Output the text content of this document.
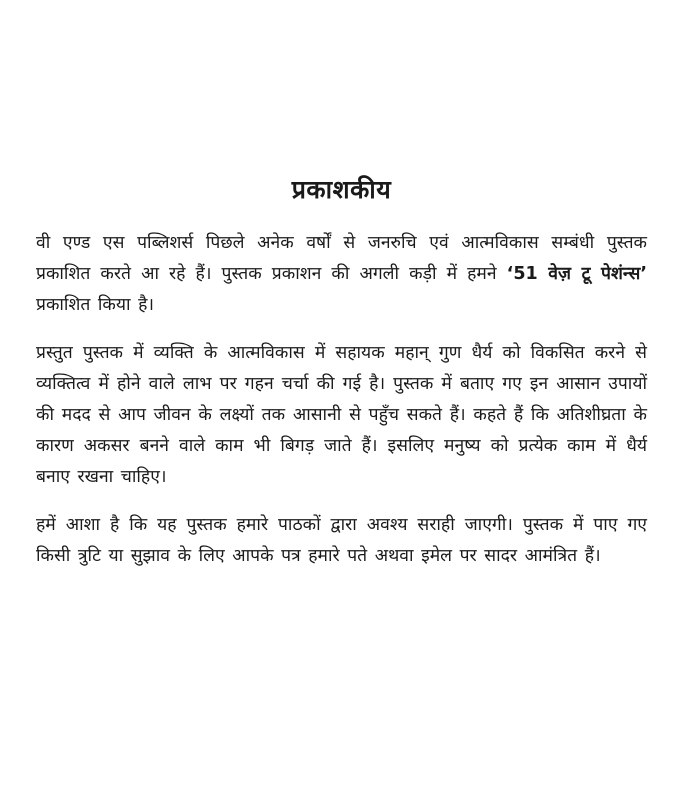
प्रकाशकीय

वी एण्ड एस पब्लिशर्स पिछले अनेक वर्षों से जनरुचि एवं आत्मविकास सम्बंधी पुस्तक प्रकाशित करते आ रहे हैं। पुस्तक प्रकाशन की अगली कड़ी में हमने ‘51 वेज़ टू पेशंन्स’ प्रकाशित किया है।

प्रस्तुत पुस्तक में व्यक्ति के आत्मविकास में सहायक महान् गुण धैर्य को विकसित करने से व्यक्तित्व में होने वाले लाभ पर गहन चर्चा की गई है। पुस्तक में बताए गए इन आसान उपायों की मदद से आप जीवन के लक्ष्यों तक आसानी से पहुँच सकते हैं। कहते हैं कि अतिशीघ्रता के कारण अकसर बनने वाले काम भी बिगड़ जाते हैं। इसलिए मनुष्य को प्रत्येक काम में धैर्य बनाए रखना चाहिए।

हमें आशा है कि यह पुस्तक हमारे पाठकों द्वारा अवश्य सराही जाएगी। पुस्तक में पाए गए किसी त्रुटि या सुझाव के लिए आपके पत्र हमारे पते अथवा इमेल पर सादर आमंत्रित हैं।
